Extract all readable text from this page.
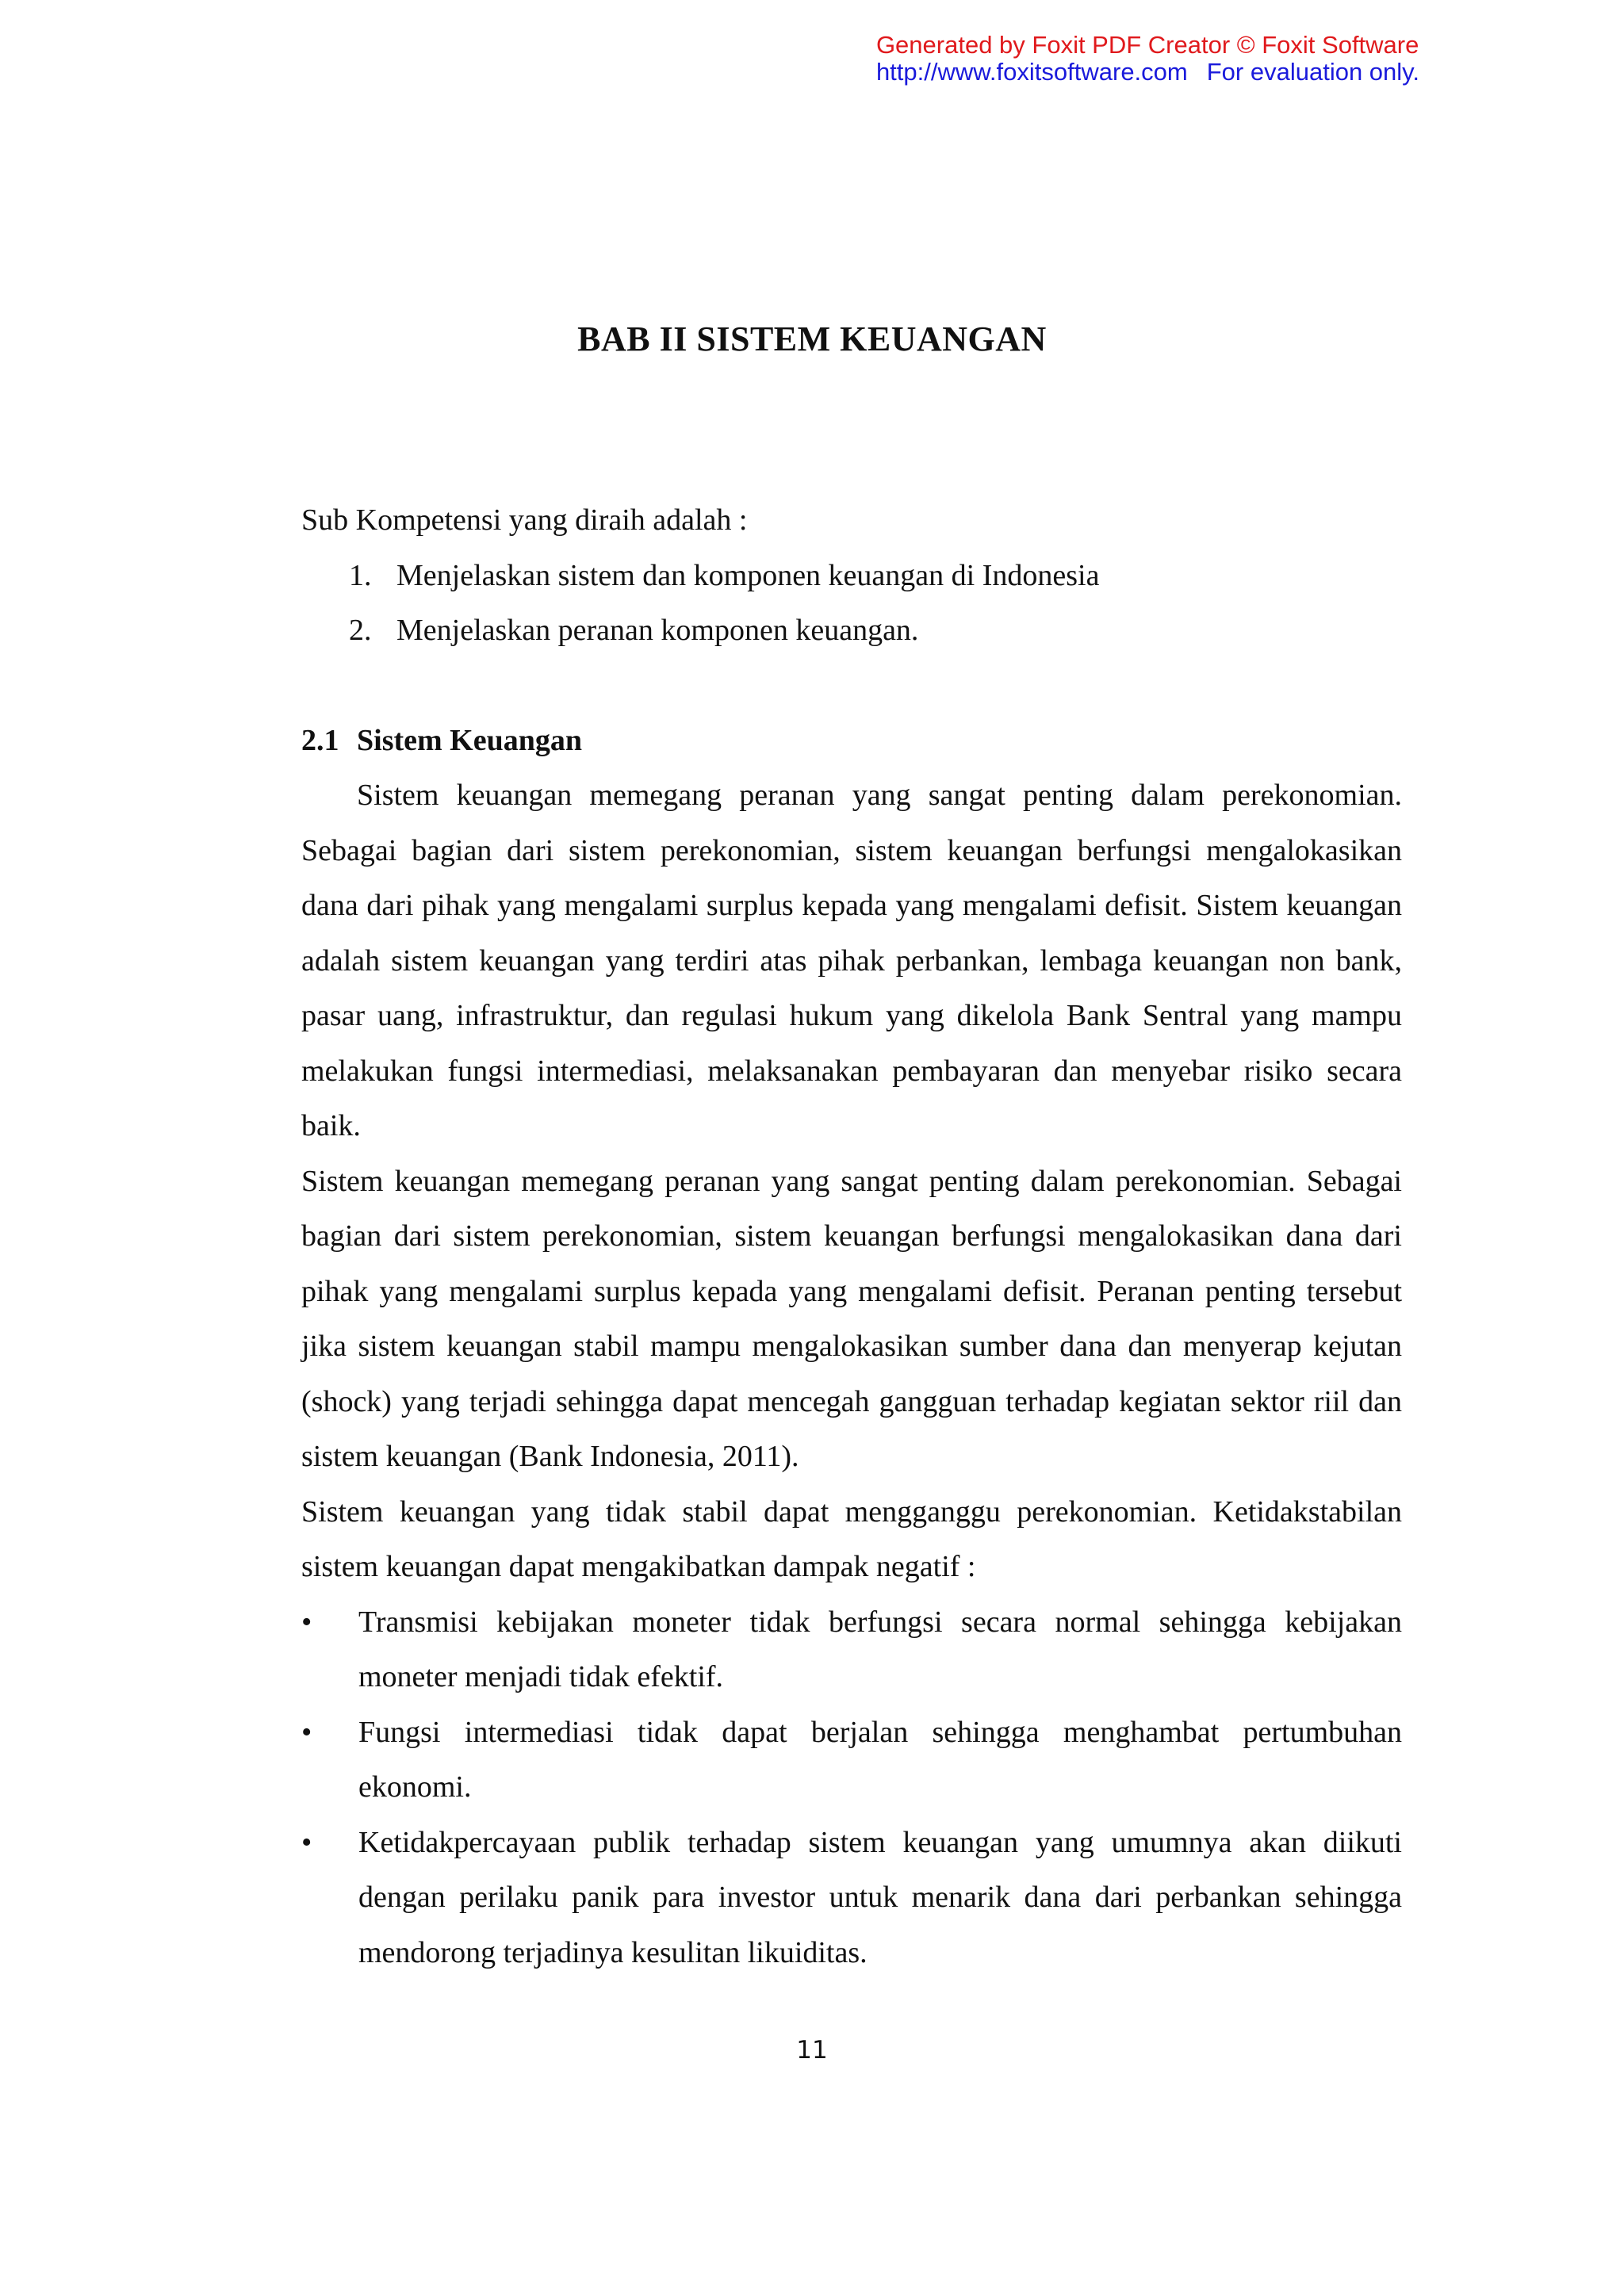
Generated by Foxit PDF Creator © Foxit Software
http://www.foxitsoftware.com For evaluation only.
BAB II SISTEM KEUANGAN

Sub Kompetensi yang diraih adalah :

1. Menjelaskan sistem dan komponen keuangan di Indonesia
2. Menjelaskan peranan komponen keuangan.

2.1 Sistem Keuangan

Sistem keuangan memegang peranan yang sangat penting dalam perekonomian. Sebagai bagian dari sistem perekonomian, sistem keuangan berfungsi mengalokasikan dana dari pihak yang mengalami surplus kepada yang mengalami defisit. Sistem keuangan adalah sistem keuangan yang terdiri atas pihak perbankan, lembaga keuangan non bank, pasar uang, infrastruktur, dan regulasi hukum yang dikelola Bank Sentral yang mampu melakukan fungsi intermediasi, melaksanakan pembayaran dan menyebar risiko secara baik.

Sistem keuangan memegang peranan yang sangat penting dalam perekonomian. Sebagai bagian dari sistem perekonomian, sistem keuangan berfungsi mengalokasikan dana dari pihak yang mengalami surplus kepada yang mengalami defisit. Peranan penting tersebut jika sistem keuangan stabil mampu mengalokasikan sumber dana dan menyerap kejutan (shock) yang terjadi sehingga dapat mencegah gangguan terhadap kegiatan sektor riil dan sistem keuangan (Bank Indonesia, 2011).

Sistem keuangan yang tidak stabil dapat mengganggu perekonomian. Ketidakstabilan sistem keuangan dapat mengakibatkan dampak negatif :

• Transmisi kebijakan moneter tidak berfungsi secara normal sehingga kebijakan moneter menjadi tidak efektif.
• Fungsi intermediasi tidak dapat berjalan sehingga menghambat pertumbuhan ekonomi.
• Ketidakpercayaan publik terhadap sistem keuangan yang umumnya akan diikuti dengan perilaku panik para investor untuk menarik dana dari perbankan sehingga mendorong terjadinya kesulitan likuiditas.
11
